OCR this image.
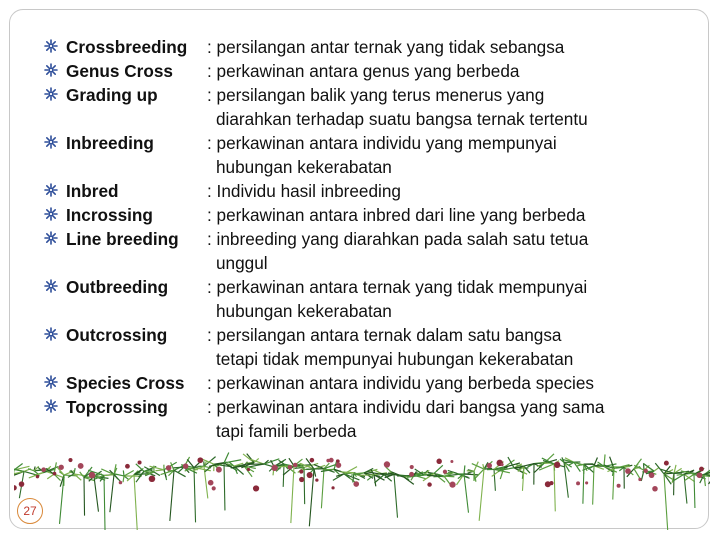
Crossbreeding	: persilangan antar ternak yang tidak sebangsa
Genus Cross	: perkawinan antara genus yang berbeda
Grading up	: persilangan balik yang terus menerus yang
diarahkan terhadap suatu bangsa ternak tertentu
Inbreeding	: perkawinan antara individu yang mempunyai
hubungan kekerabatan
Inbred	: Individu hasil inbreeding
Incrossing	: perkawinan antara inbred dari line yang berbeda
Line breeding	: inbreeding yang diarahkan pada salah satu tetua
unggul
Outbreeding	: perkawinan antara ternak yang tidak mempunyai
hubungan kekerabatan
Outcrossing	: persilangan antara ternak dalam satu bangsa
tetapi tidak mempunyai hubungan kekerabatan
Species Cross	: perkawinan antara individu yang berbeda species
Topcrossing	: perkawinan antara individu dari bangsa yang sama
tapi famili berbeda
27
